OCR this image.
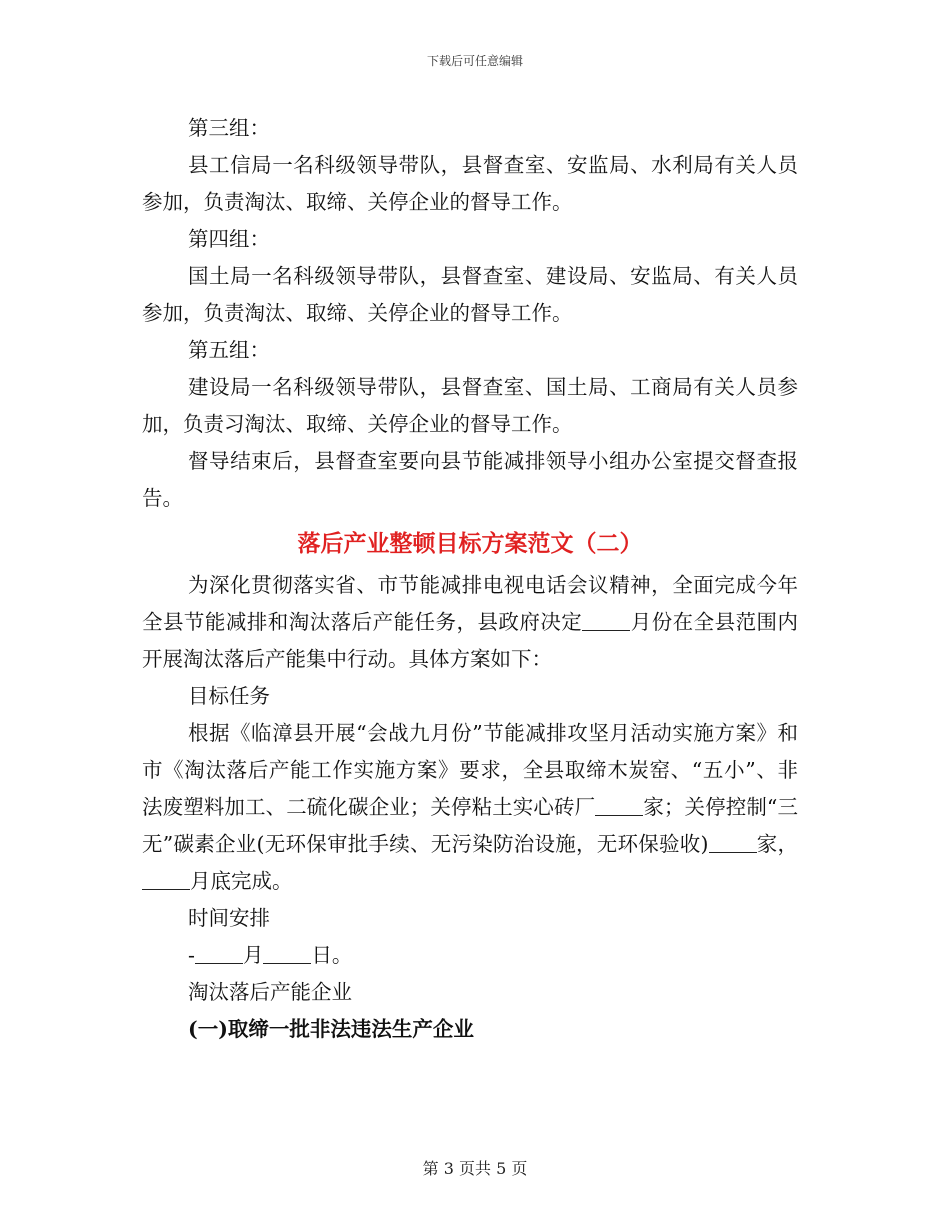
下载后可任意编辑

第三组：

县工信局一名科级领导带队，县督查室、安监局、水利局有关人员参加，负责淘汰、取缔、关停企业的督导工作。

第四组：

国土局一名科级领导带队，县督查室、建设局、安监局、有关人员参加，负责淘汰、取缔、关停企业的督导工作。

第五组：

建设局一名科级领导带队，县督查室、国土局、工商局有关人员参加，负责习淘汰、取缔、关停企业的督导工作。

督导结束后，县督查室要向县节能减排领导小组办公室提交督查报告。

落后产业整顿目标方案范文（二）

为深化贯彻落实省、市节能减排电视电话会议精神，全面完成今年全县节能减排和淘汰落后产能任务，县政府决定 月份在全县范围内开展淘汰落后产能集中行动。具体方案如下：

目标任务

根据《临漳县开展“会战九月份”节能减排攻坚月活动实施方案》和市《淘汰落后产能工作实施方案》要求，全县取缔木炭窑、“五小”、非法废塑料加工、二硫化碳企业；关停粘土实心砖厂 家；关停控制“三无”碳素企业(无环保审批手续、无污染防治设施，无环保验收) 家，月底完成。

时间安排

- 月 日。

淘汰落后产能企业

(一)取缔一批非法违法生产企业

第 3 页共 5 页
